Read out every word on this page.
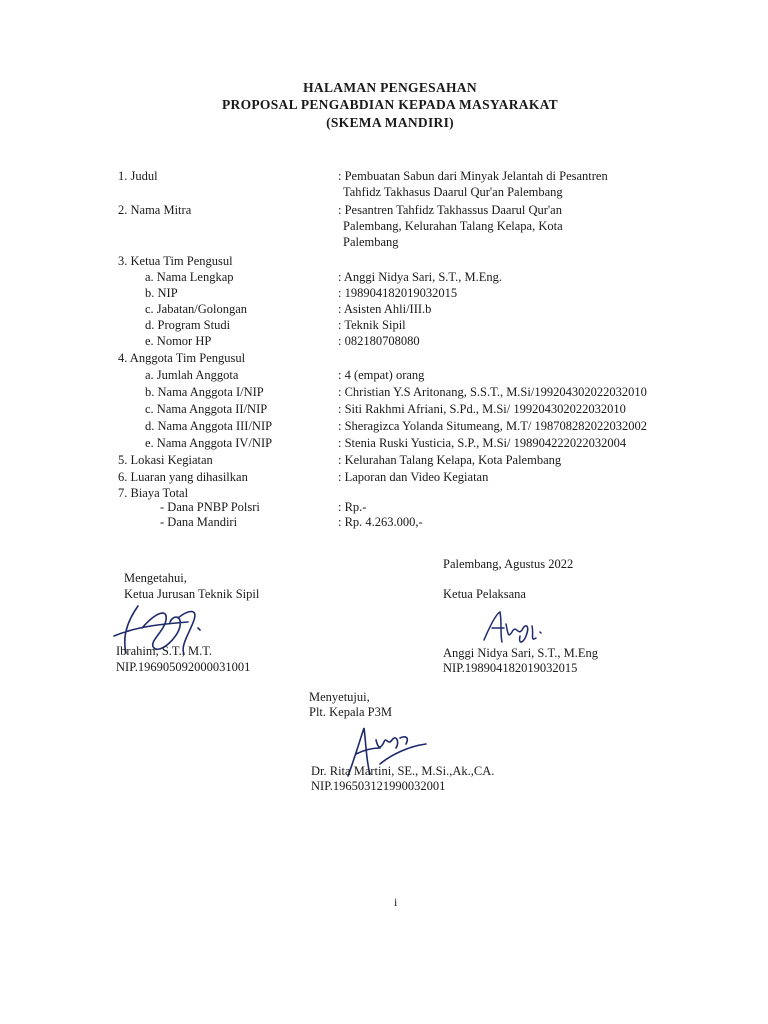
HALAMAN PENGESAHAN
PROPOSAL PENGABDIAN KEPADA MASYARAKAT
(SKEMA MANDIRI)
1. Judul	: Pembuatan Sabun dari Minyak Jelantah di Pesantren
Tahfidz Takhasus Daarul Qur'an Palembang
2. Nama Mitra	: Pesantren Tahfidz Takhassus Daarul Qur'an
Palembang, Kelurahan Talang Kelapa, Kota
Palembang
3. Ketua Tim Pengusul
a. Nama Lengkap	: Anggi Nidya Sari, S.T., M.Eng.
b. NIP	: 198904182019032015
c. Jabatan/Golongan	: Asisten Ahli/III.b
d. Program Studi	: Teknik Sipil
e. Nomor HP	: 082180708080
4. Anggota Tim Pengusul
a. Jumlah Anggota	: 4 (empat) orang
b. Nama Anggota I/NIP	: Christian Y.S Aritonang, S.S.T., M.Si/199204302022032010
c. Nama Anggota II/NIP	: Siti Rakhmi Afriani, S.Pd., M.Si/ 199204302022032010
d. Nama Anggota III/NIP	: Sheragizca Yolanda Situmeang, M.T/ 198708282022032002
e. Nama Anggota IV/NIP	: Stenia Ruski Yusticia, S.P., M.Si/ 198904222022032004
5. Lokasi Kegiatan	: Kelurahan Talang Kelapa, Kota Palembang
6. Luaran yang dihasilkan	: Laporan dan Video Kegiatan
7. Biaya Total
- Dana PNBP Polsri	: Rp.-
- Dana Mandiri	: Rp. 4.263.000,-
Palembang, Agustus 2022
Mengetahui,
Ketua Jurusan Teknik Sipil
Ibrahim, S.T., M.T.
NIP.196905092000031001
Ketua Pelaksana
Anggi Nidya Sari, S.T., M.Eng
NIP.198904182019032015
Menyetujui,
Plt. Kepala P3M
Dr. Rita Martini, SE., M.Si.,Ak.,CA.
NIP.196503121990032001
i
